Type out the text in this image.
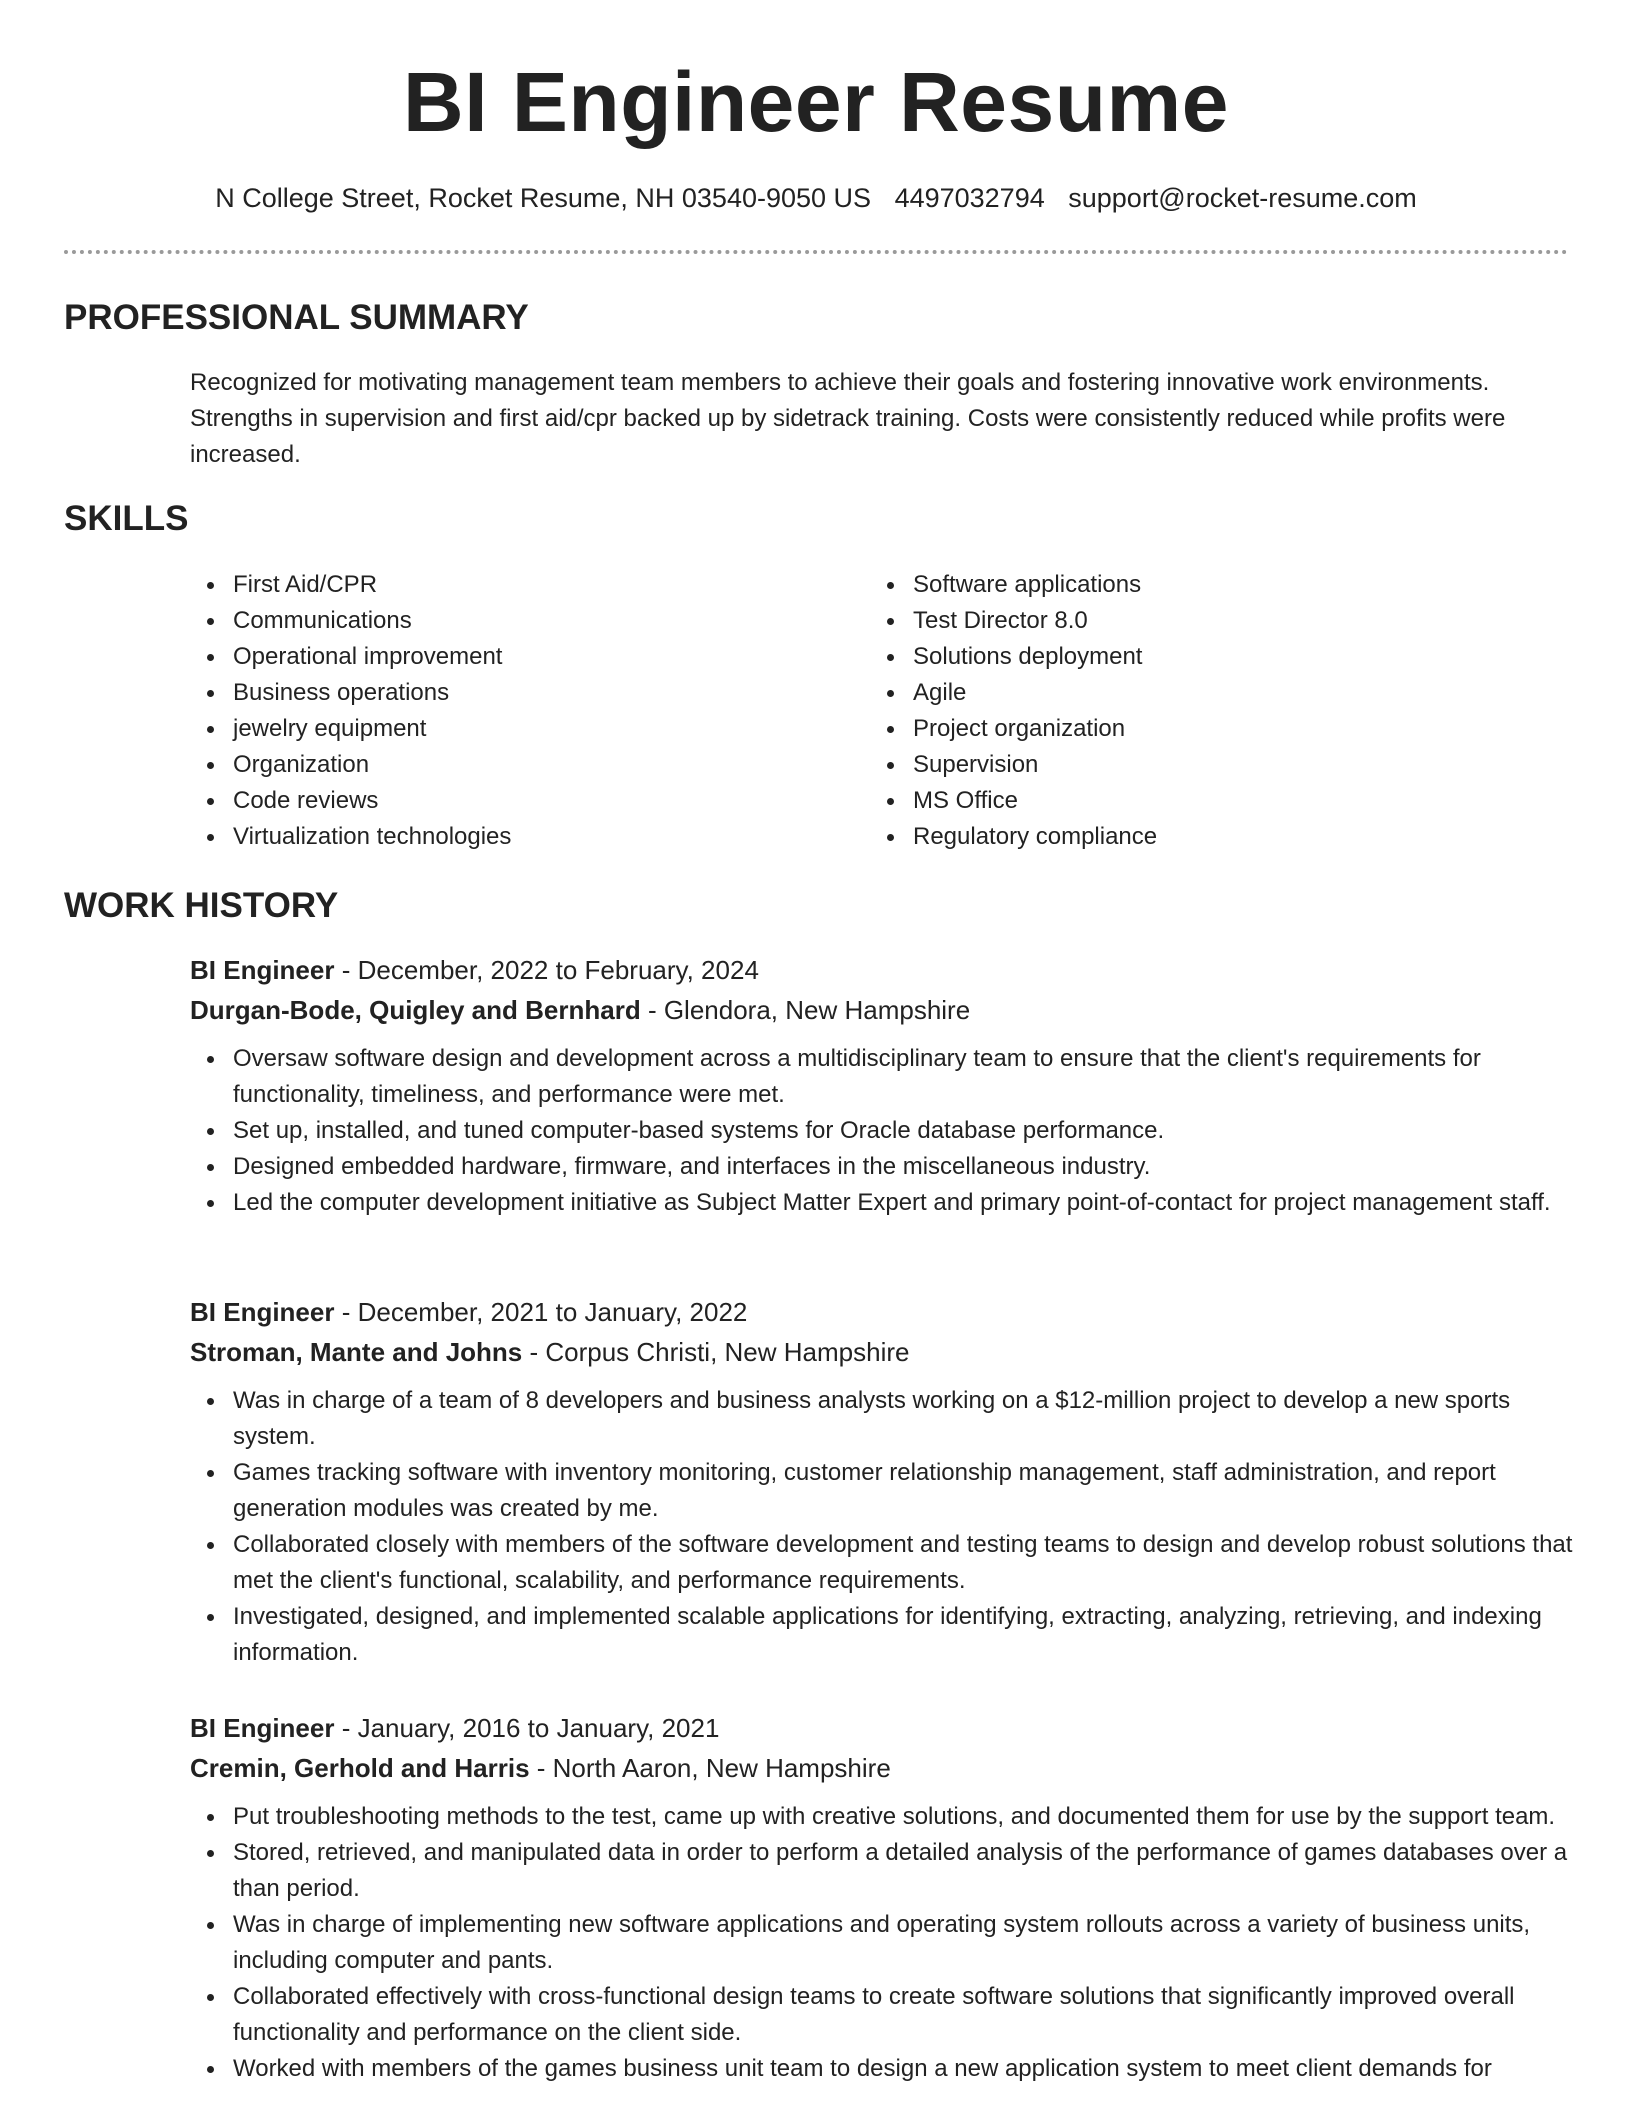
BI Engineer Resume
N College Street, Rocket Resume, NH 03540-9050 US 4497032794 support@rocket-resume.com
PROFESSIONAL SUMMARY

Recognized for motivating management team members to achieve their goals and fostering innovative work environments. Strengths in supervision and first aid/cpr backed up by sidetrack training. Costs were consistently reduced while profits were increased.

SKILLS
First Aid/CPR
Communications
Operational improvement
Business operations
jewelry equipment
Organization
Code reviews
Virtualization technologies
Software applications
Test Director 8.0
Solutions deployment
Agile
Project organization
Supervision
MS Office
Regulatory compliance
WORK HISTORY
BI Engineer - December, 2022 to February, 2024
Durgan-Bode, Quigley and Bernhard - Glendora, New Hampshire
Oversaw software design and development across a multidisciplinary team to ensure that the client's requirements for functionality, timeliness, and performance were met.
Set up, installed, and tuned computer-based systems for Oracle database performance.
Designed embedded hardware, firmware, and interfaces in the miscellaneous industry.
Led the computer development initiative as Subject Matter Expert and primary point-of-contact for project management staff.
BI Engineer - December, 2021 to January, 2022
Stroman, Mante and Johns - Corpus Christi, New Hampshire
Was in charge of a team of 8 developers and business analysts working on a $12-million project to develop a new sports system.
Games tracking software with inventory monitoring, customer relationship management, staff administration, and report generation modules was created by me.
Collaborated closely with members of the software development and testing teams to design and develop robust solutions that met the client's functional, scalability, and performance requirements.
Investigated, designed, and implemented scalable applications for identifying, extracting, analyzing, retrieving, and indexing information.
BI Engineer - January, 2016 to January, 2021
Cremin, Gerhold and Harris - North Aaron, New Hampshire
Put troubleshooting methods to the test, came up with creative solutions, and documented them for use by the support team.
Stored, retrieved, and manipulated data in order to perform a detailed analysis of the performance of games databases over a than period.
Was in charge of implementing new software applications and operating system rollouts across a variety of business units, including computer and pants.
Collaborated effectively with cross-functional design teams to create software solutions that significantly improved overall functionality and performance on the client side.
Worked with members of the games business unit team to design a new application system to meet client demands for
